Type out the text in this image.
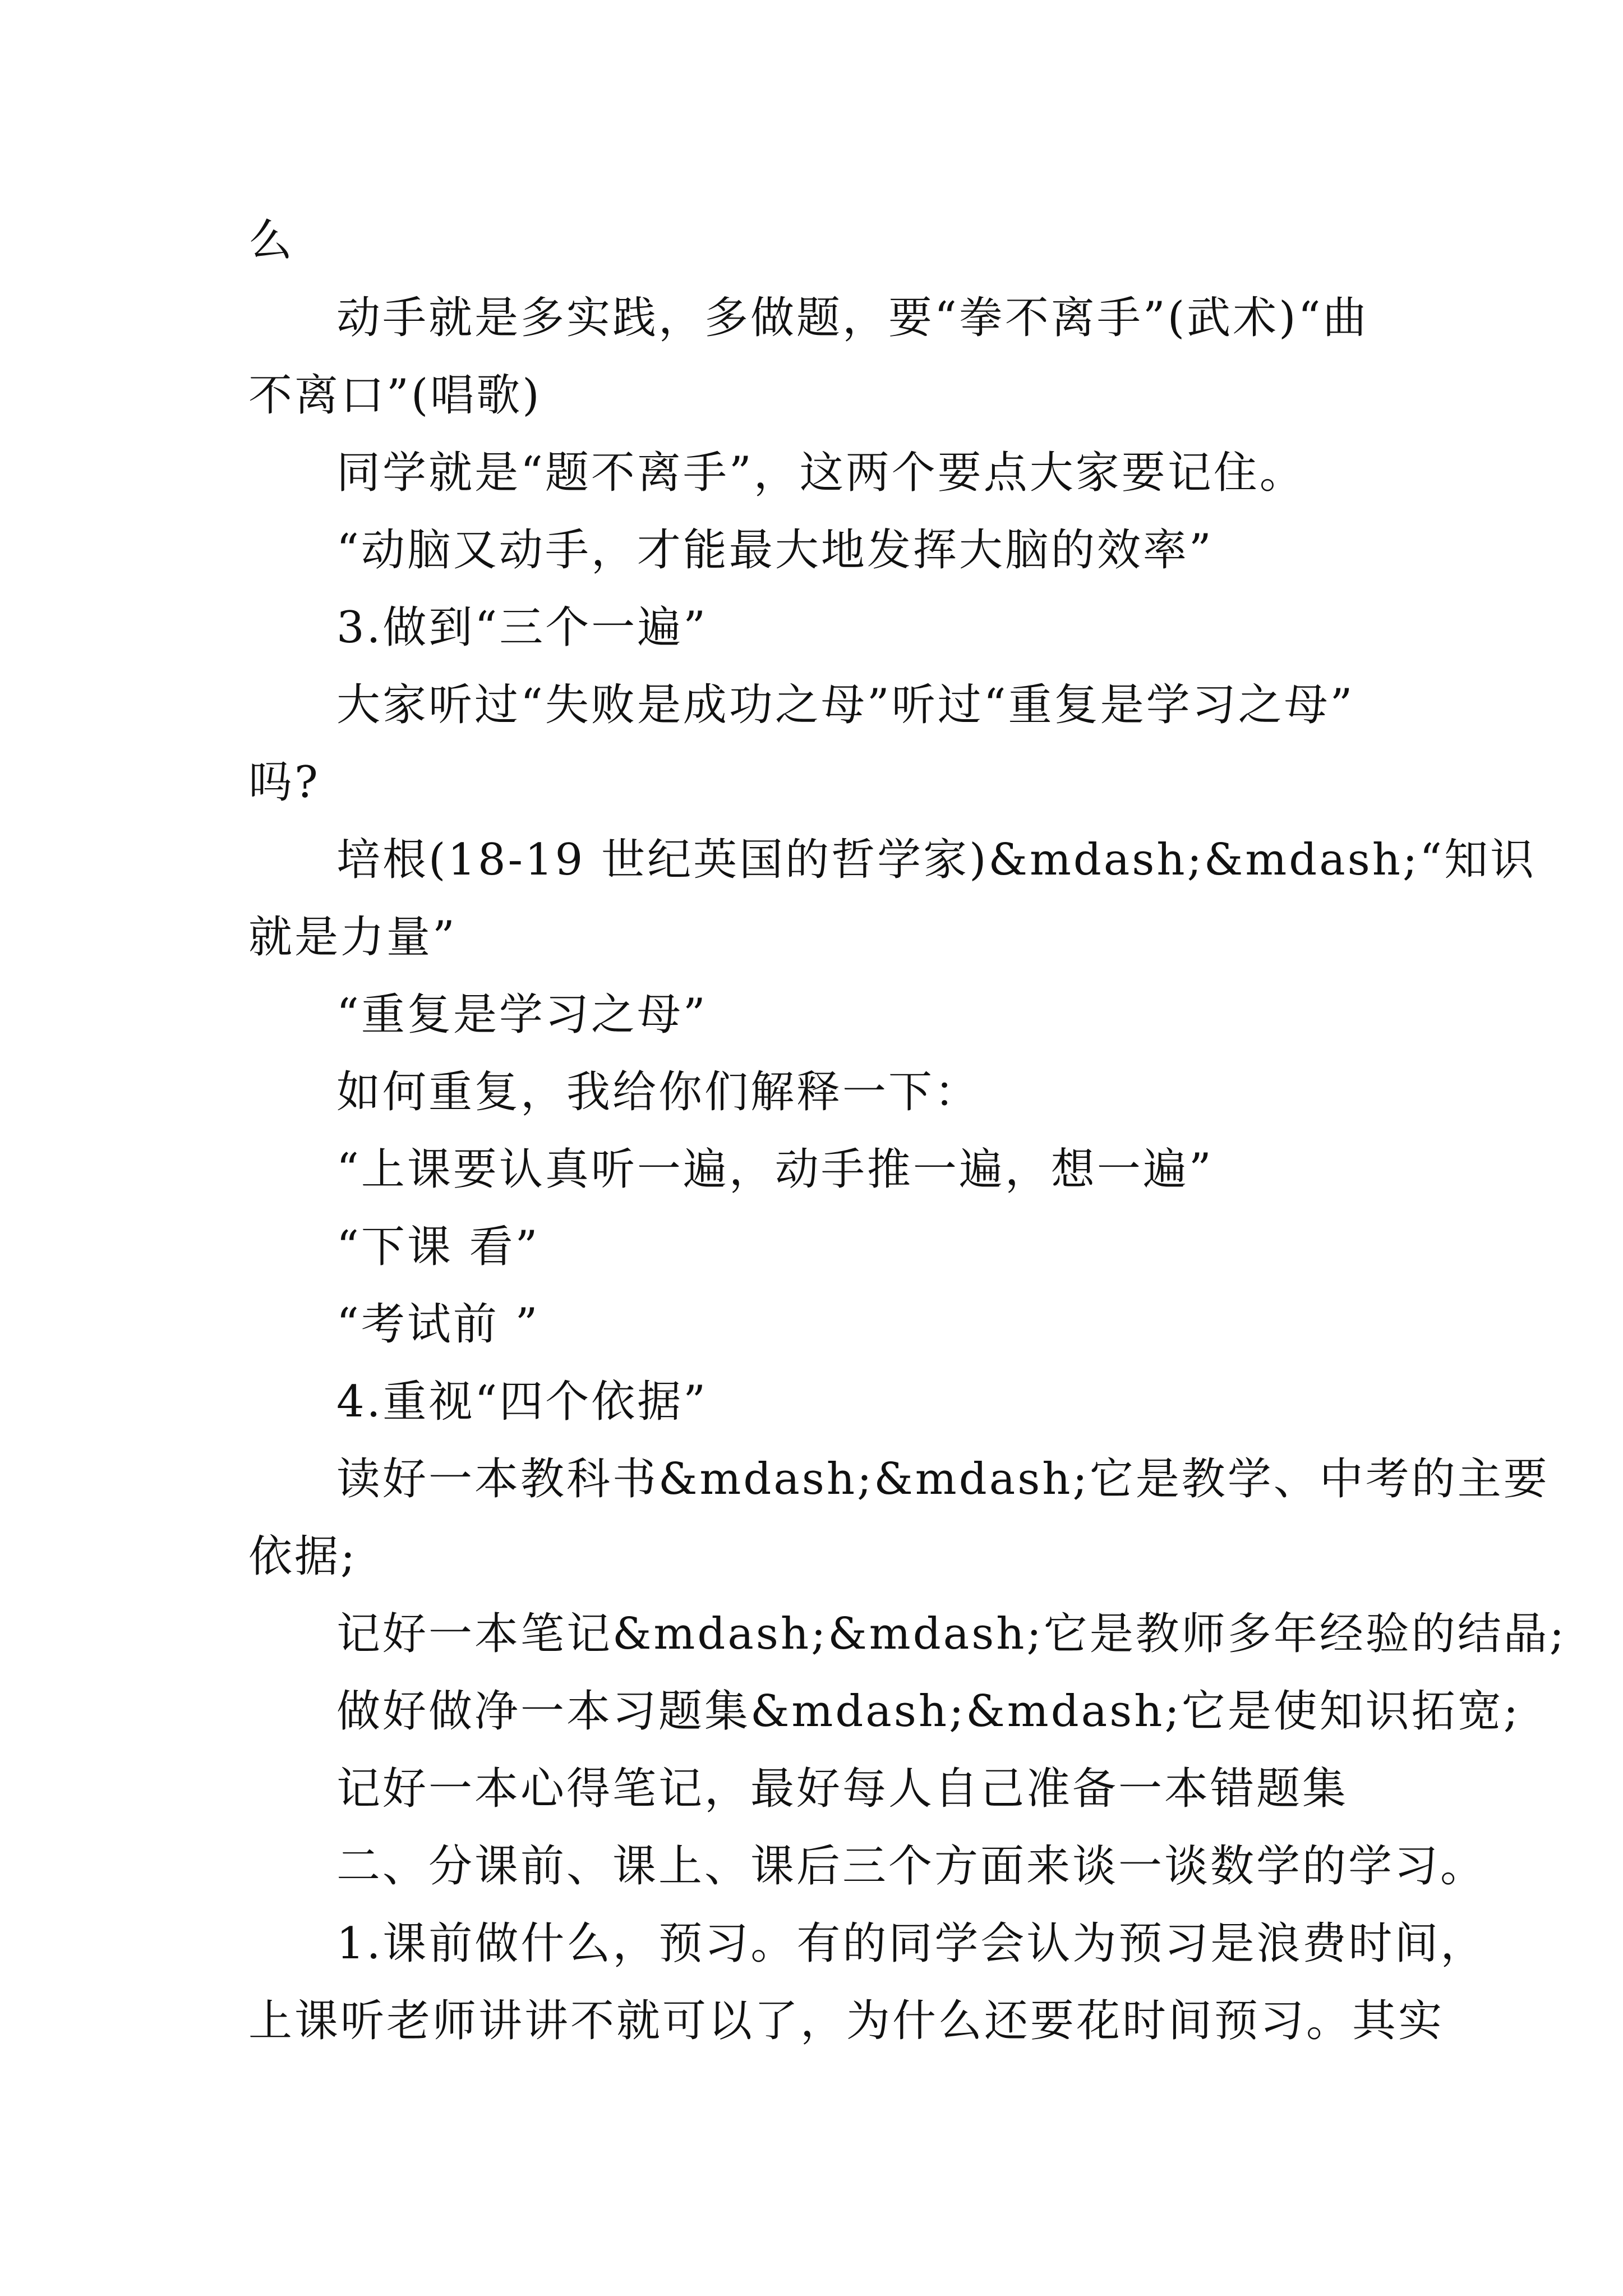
么

动手就是多实践，多做题，要“拳不离手”(武术)“曲

不离口”(唱歌)

同学就是“题不离手”，这两个要点大家要记住。

“动脑又动手，才能最大地发挥大脑的效率”

3.做到“三个一遍”

大家听过“失败是成功之母”听过“重复是学习之母”

吗?

培根(18-19 世纪英国的哲学家)&mdash;&mdash;“知识

就是力量”

“重复是学习之母”

如何重复，我给你们解释一下：

“上课要认真听一遍，动手推一遍，想一遍”

“下课 看”

“考试前 ”

4.重视“四个依据”

读好一本教科书&mdash;&mdash;它是教学、中考的主要

依据;

记好一本笔记&mdash;&mdash;它是教师多年经验的结晶;

做好做净一本习题集&mdash;&mdash;它是使知识拓宽;

记好一本心得笔记，最好每人自己准备一本错题集

二、分课前、课上、课后三个方面来谈一谈数学的学习。

1.课前做什么，预习。有的同学会认为预习是浪费时间，

上课听老师讲讲不就可以了，为什么还要花时间预习。其实
